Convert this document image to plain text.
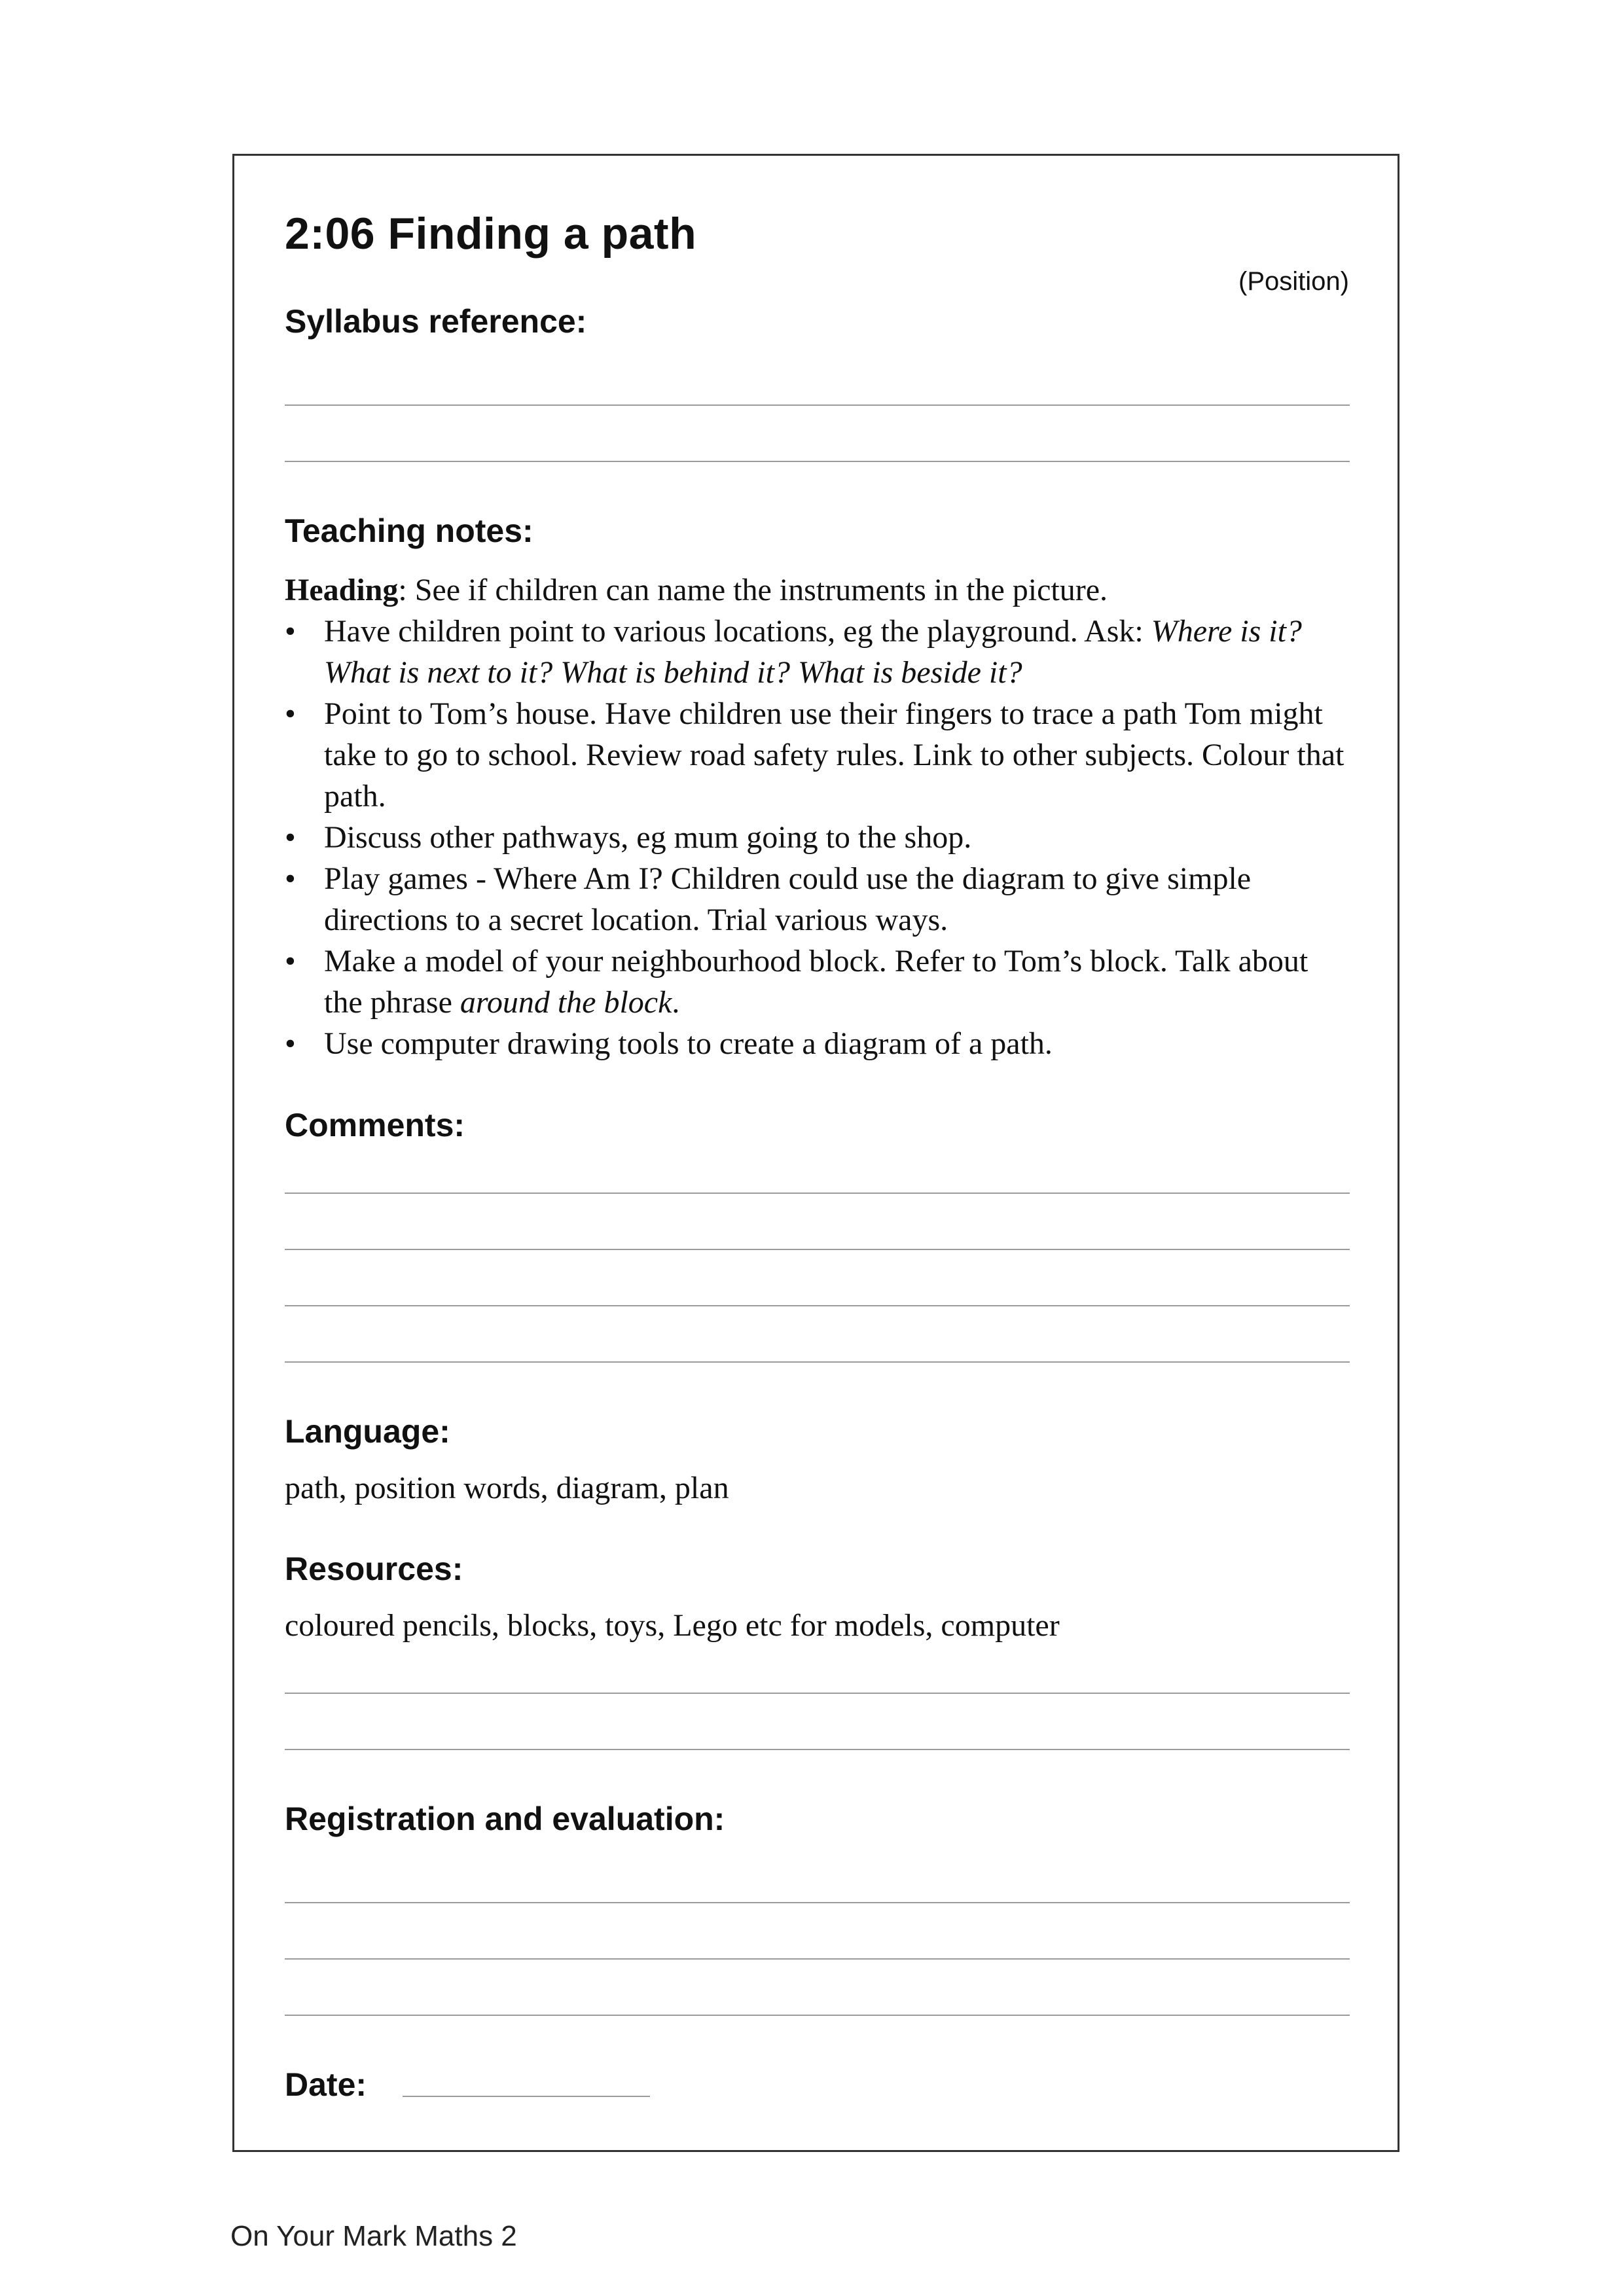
2:06 Finding a path
(Position)
Syllabus reference:
Teaching notes:
Heading: See if children can name the instruments in the picture.
• Have children point to various locations, eg the playground. Ask: Where is it? What is next to it? What is behind it? What is beside it?
• Point to Tom’s house. Have children use their fingers to trace a path Tom might take to go to school. Review road safety rules. Link to other subjects. Colour that path.
• Discuss other pathways, eg mum going to the shop.
• Play games - Where Am I? Children could use the diagram to give simple directions to a secret location. Trial various ways.
• Make a model of your neighbourhood block. Refer to Tom’s block. Talk about the phrase around the block.
• Use computer drawing tools to create a diagram of a path.
Comments:
Language:
path, position words, diagram, plan
Resources:
coloured pencils, blocks, toys, Lego etc for models, computer
Registration and evaluation:
Date:
On Your Mark Maths 2
